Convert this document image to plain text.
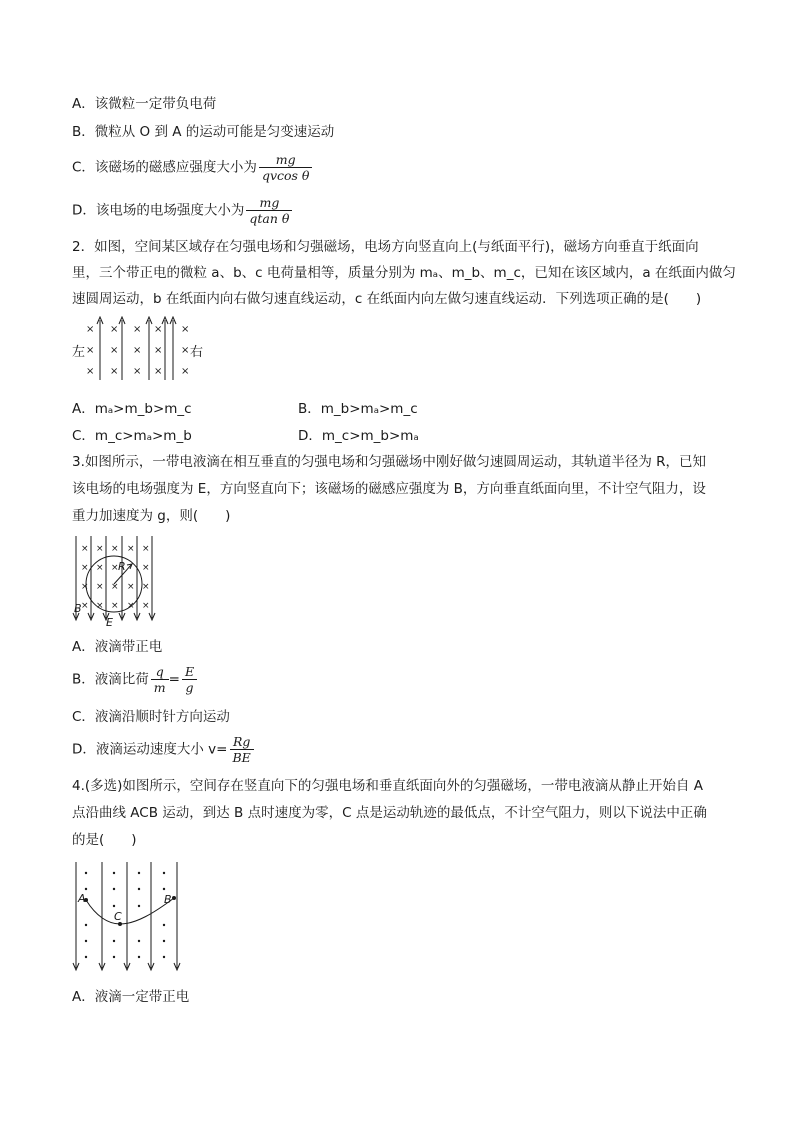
A．该微粒一定带负电荷
B．微粒从 O 到 A 的运动可能是匀变速运动
C．该磁场的磁感应强度大小为 $\frac{mg}{\text{qvcos θ}}$
D．该电场的电场强度大小为 $\frac{mg}{\text{qtan θ}}$
2．如图，空间某区域存在匀强电场和匀强磁场，电场方向竖直向上(与纸面平行)，磁场方向垂直于纸面向
里，三个带正电的微粒 a、b、c 电荷量相等，质量分别为 mₐ、m_b、m_c，已知在该区域内，a 在纸面内做匀
速圆周运动，b 在纸面内向右做匀速直线运动，c 在纸面内向左做匀速直线运动．下列选项正确的是(　　)
× × × × ×
× × × × ×
× × × × ×
左	右
A．mₐ>m_b>m_c	B．m_b>mₐ>m_c
C．m_c>mₐ>m_b	D．m_c>m_b>mₐ
3.如图所示，一带电液滴在相互垂直的匀强电场和匀强磁场中刚好做匀速圆周运动，其轨道半径为 R，已知
该电场的电场强度为 E，方向竖直向下；该磁场的磁感应强度为 B，方向垂直纸面向里，不计空气阻力，设
重力加速度为 g，则(　　)
× × × × ×
× × ×	×
× × × × ×
× × × × ×
R
B
E
A．液滴带正电
B．液滴比荷 $\frac{q}{m} = \frac{E}{g}$
C．液滴沿顺时针方向运动
D．液滴运动速度大小 $v= \frac{Rg}{BE}$
4.(多选)如图所示，空间存在竖直向下的匀强电场和垂直纸面向外的匀强磁场，一带电液滴从静止开始自 A
点沿曲线 ACB 运动，到达 B 点时速度为零，C 点是运动轨迹的最低点，不计空气阻力，则以下说法中正确
的是(　　)
A
C
B
A．液滴一定带正电
